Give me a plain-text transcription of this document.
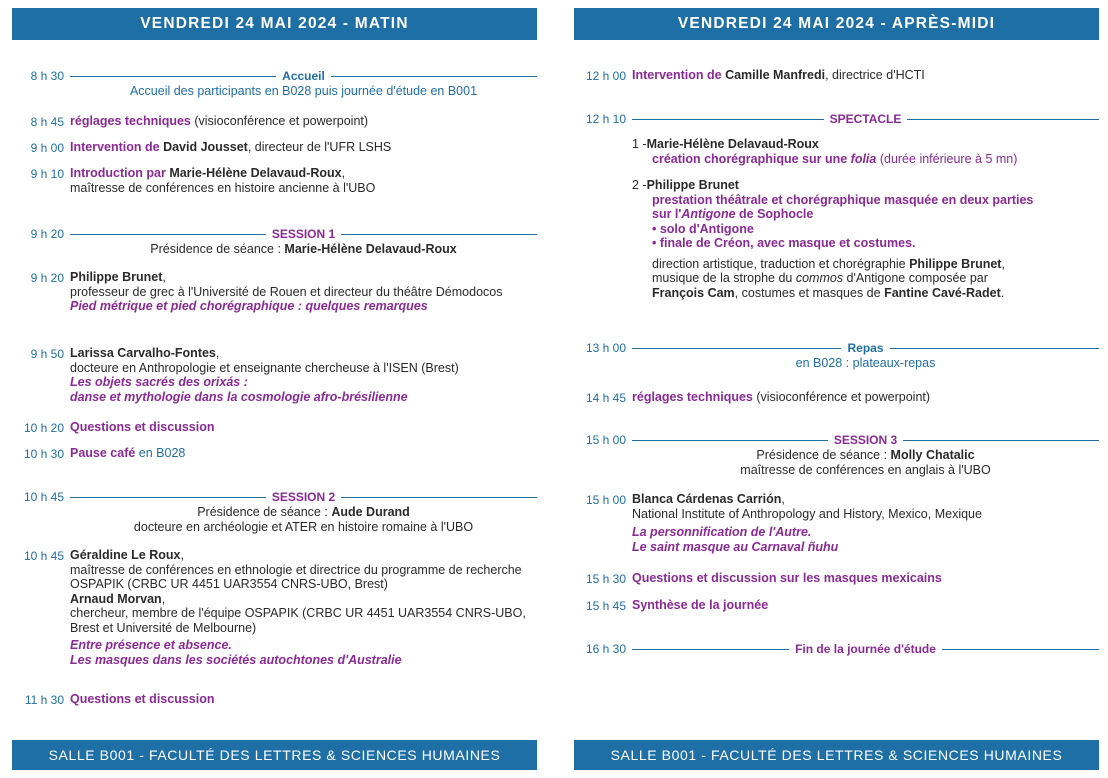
VENDREDI 24 MAI 2024 - MATIN
8 h 30	Accueil
Accueil des participants en B028 puis journée d'étude en B001
8 h 45 réglages techniques (visioconférence et powerpoint)
9 h 00 Intervention de David Jousset, directeur de l'UFR LSHS
9 h 10 Introduction par Marie-Hélène Delavaud-Roux,
maîtresse de conférences en histoire ancienne à l'UBO
9 h 20	SESSION 1
Présidence de séance : Marie-Hélène Delavaud-Roux
9 h 20 Philippe Brunet,
professeur de grec à l'Université de Rouen et directeur du théâtre Démodocos
Pied métrique et pied chorégraphique : quelques remarques
9 h 50 Larissa Carvalho-Fontes,
docteure en Anthropologie et enseignante chercheuse à l'ISEN (Brest)
Les objets sacrés des orixás :
danse et mythologie dans la cosmologie afro-brésilienne
10 h 20 Questions et discussion
10 h 30 Pause café en B028
10 h 45	SESSION 2
Présidence de séance : Aude Durand
docteure en archéologie et ATER en histoire romaine à l'UBO
10 h 45 Géraldine Le Roux,
maîtresse de conférences en ethnologie et directrice du programme de recherche OSPAPIK (CRBC UR 4451 UAR3554 CNRS-UBO, Brest)
Arnaud Morvan,
chercheur, membre de l'équipe OSPAPIK (CRBC UR 4451 UAR3554 CNRS-UBO, Brest et Université de Melbourne)
Entre présence et absence.
Les masques dans les sociétés autochtones d'Australie
11 h 30 Questions et discussion
SALLE B001 - FACULTÉ DES LETTRES & SCIENCES HUMAINES
VENDREDI 24 MAI 2024 - APRÈS-MIDI
12 h 00 Intervention de Camille Manfredi, directrice d'HCTI
12 h 10	SPECTACLE
1 -Marie-Hélène Delavaud-Roux
création chorégraphique sur une folia (durée inférieure à 5 mn)
2 -Philippe Brunet

prestation théâtrale et chorégraphique masquée en deux parties
sur l'Antigone de Sophocle
• solo d'Antigone
• finale de Créon, avec masque et costumes.
direction artistique, traduction et chorégraphie Philippe Brunet,
musique de la strophe du commos d'Antigone composée par
François Cam, costumes et masques de Fantine Cavé-Radet.
13 h 00	Repas
en B028 : plateaux-repas
14 h 45 réglages techniques (visioconférence et powerpoint)
15 h 00	SESSION 3
Présidence de séance : Molly Chatalic
maîtresse de conférences en anglais à l'UBO
15 h 00 Blanca Cárdenas Carrión,
National Institute of Anthropology and History, Mexico, Mexique
La personnification de l'Autre.
Le saint masque au Carnaval ñuhu
15 h 30 Questions et discussion sur les masques mexicains
15 h 45 Synthèse de la journée
16 h 30	Fin de la journée d'étude
SALLE B001 - FACULTÉ DES LETTRES & SCIENCES HUMAINES
